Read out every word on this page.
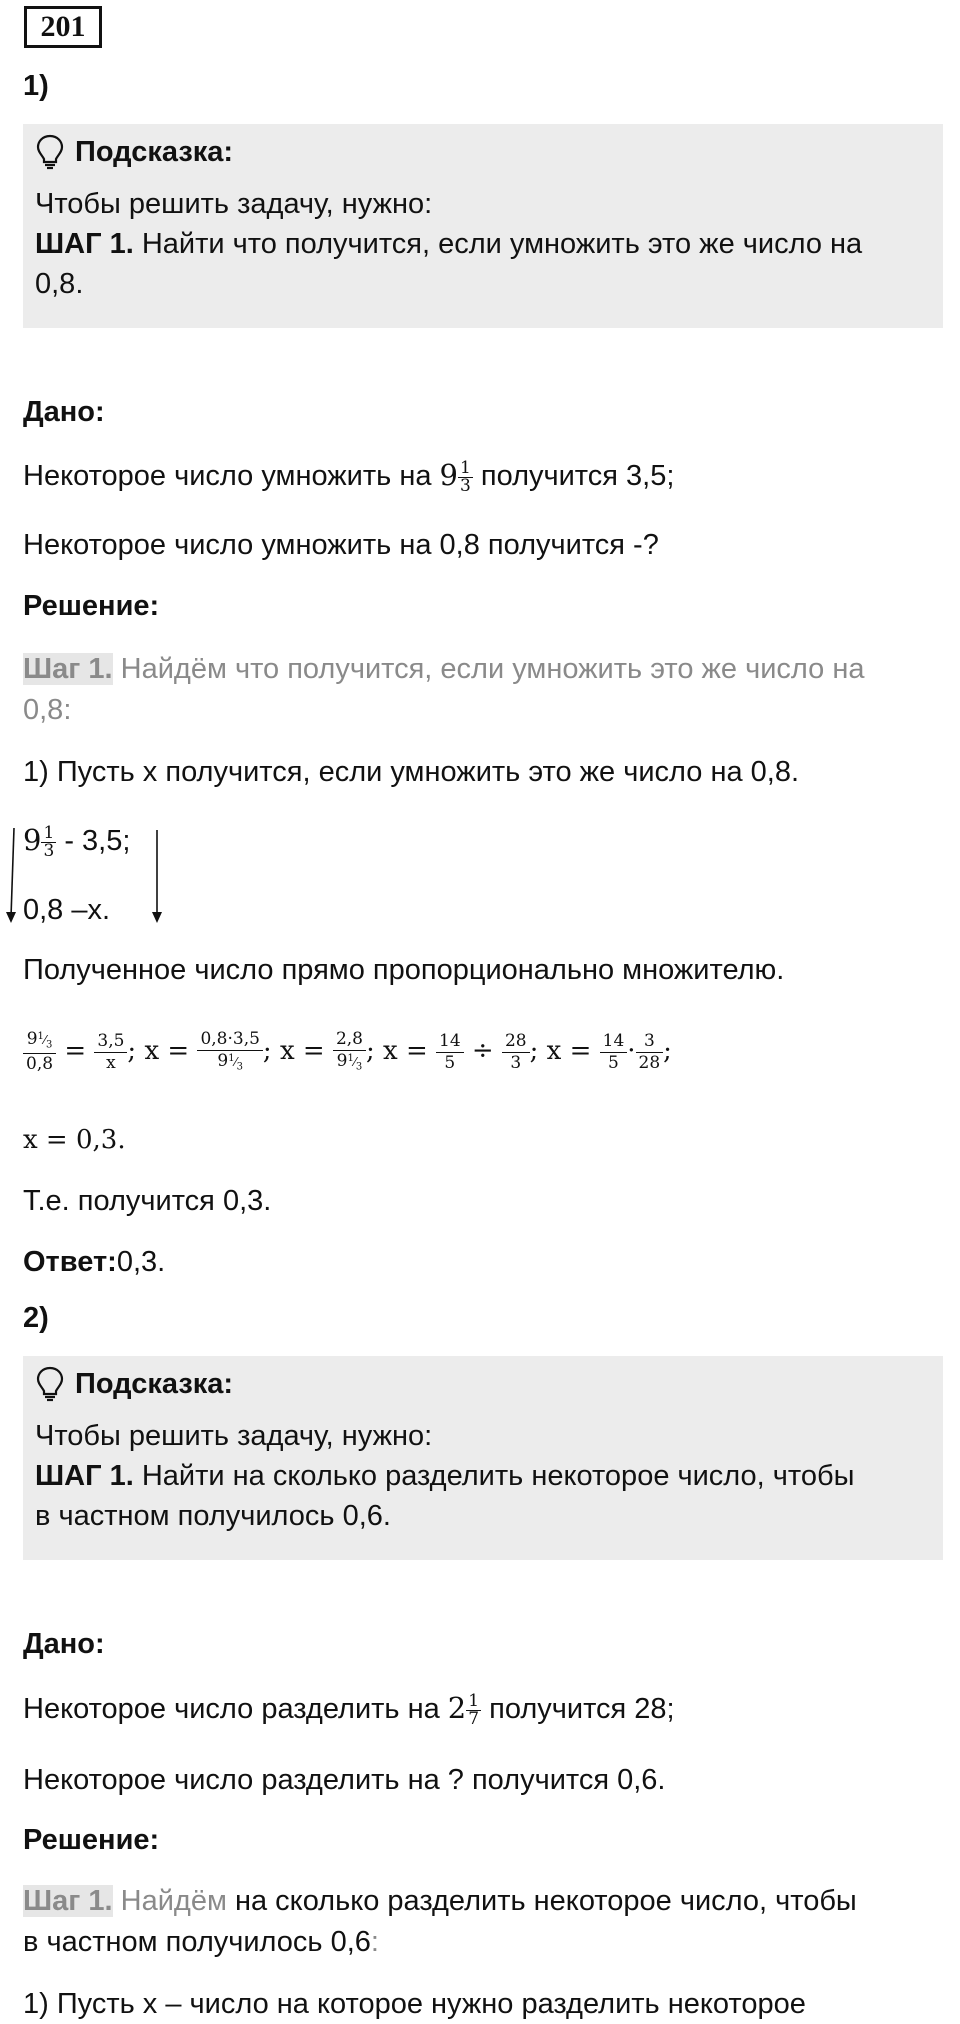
201
1)
Подсказка:
Чтобы решить задачу, нужно:
ШАГ 1. Найти что получится, если умножить это же число на
0,8.
Дано:
Некоторое число умножить на $9 \frac{1}{3}$ получится 3,5;
Некоторое число умножить на 0,8 получится -?
Решение:
Шаг 1. Найдём что получится, если умножить это же число на
0,8:
1) Пусть x получится, если умножить это же число на 0,8.
$9 \frac{1}{3} - 3,5$;
0,8 –x.
Полученное число прямо пропорционально множителю.
$\frac{9^1⁄_3}{0,8} = \frac{3,5}{x}$ ; $x = \frac{0,8\cdot 3,5}{9^1⁄_3}$ ; $x = \frac{2,8}{9^1⁄_3}$ ; $x = \frac{14}{5} \div \frac{28}{3}$ ; $x = \frac{14}{5} \cdot \frac{3}{28}$ ;
x = 0,3.
Т.е. получится 0,3.
Ответ:0,3.
2)
Подсказка:
Чтобы решить задачу, нужно:
ШАГ 1. Найти на сколько разделить некоторое число, чтобы
в частном получилось 0,6.
Дано:
Некоторое число разделить на $2 \frac{1}{7}$ получится 28;
Некоторое число разделить на ? получится 0,6.
Решение:
Шаг 1. Найдём на сколько разделить некоторое число, чтобы
в частном получилось 0,6:
1) Пусть x – число на которое нужно разделить некоторое
